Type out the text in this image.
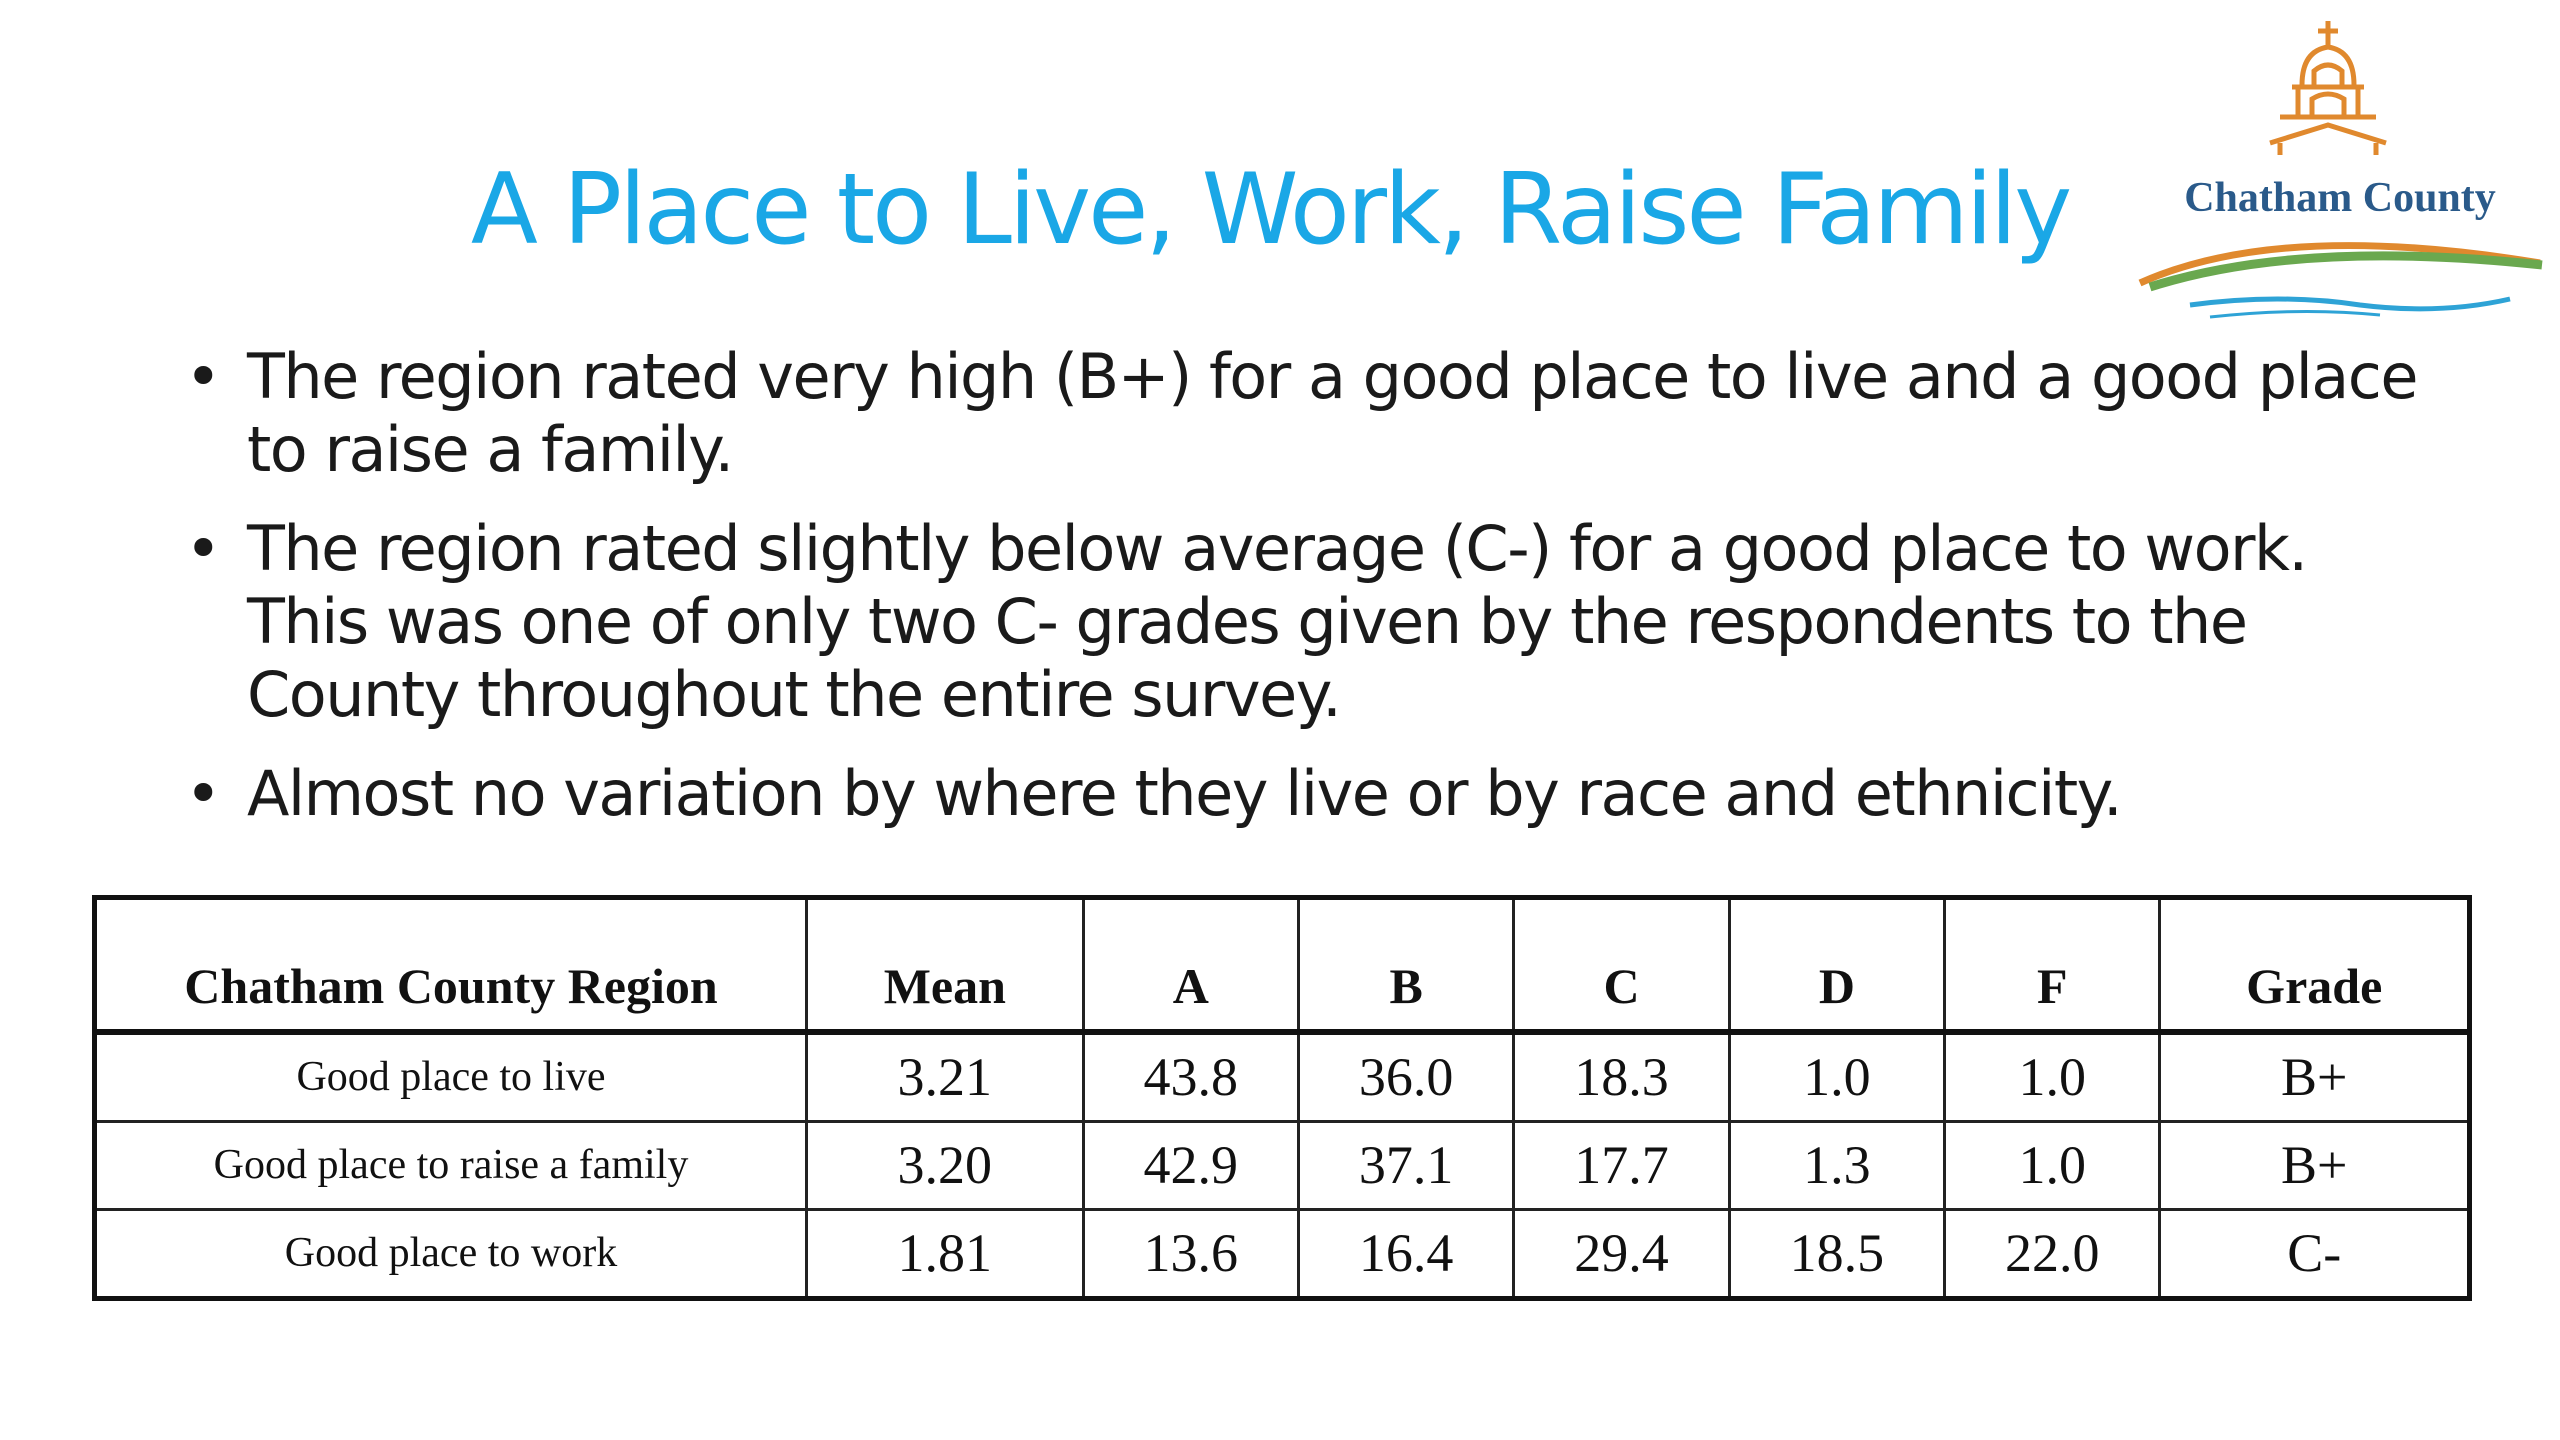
A Place to Live, Work, Raise Family	Chatham County
• The region rated very high (B+) for a good place to live and a good place to raise a family.
• The region rated slightly below average (C-) for a good place to work. This was one of only two C- grades given by the respondents to the County throughout the entire survey.
• Almost no variation by where they live or by race and ethnicity.
Chatham County Region	Mean	A	B	C	D	F	Grade
Good place to live	3.21	43.8	36.0	18.3	1.0	1.0	B+
Good place to raise a family	3.20	42.9	37.1	17.7	1.3	1.0	B+
Good place to work	1.81	13.6	16.4	29.4	18.5	22.0	C-
